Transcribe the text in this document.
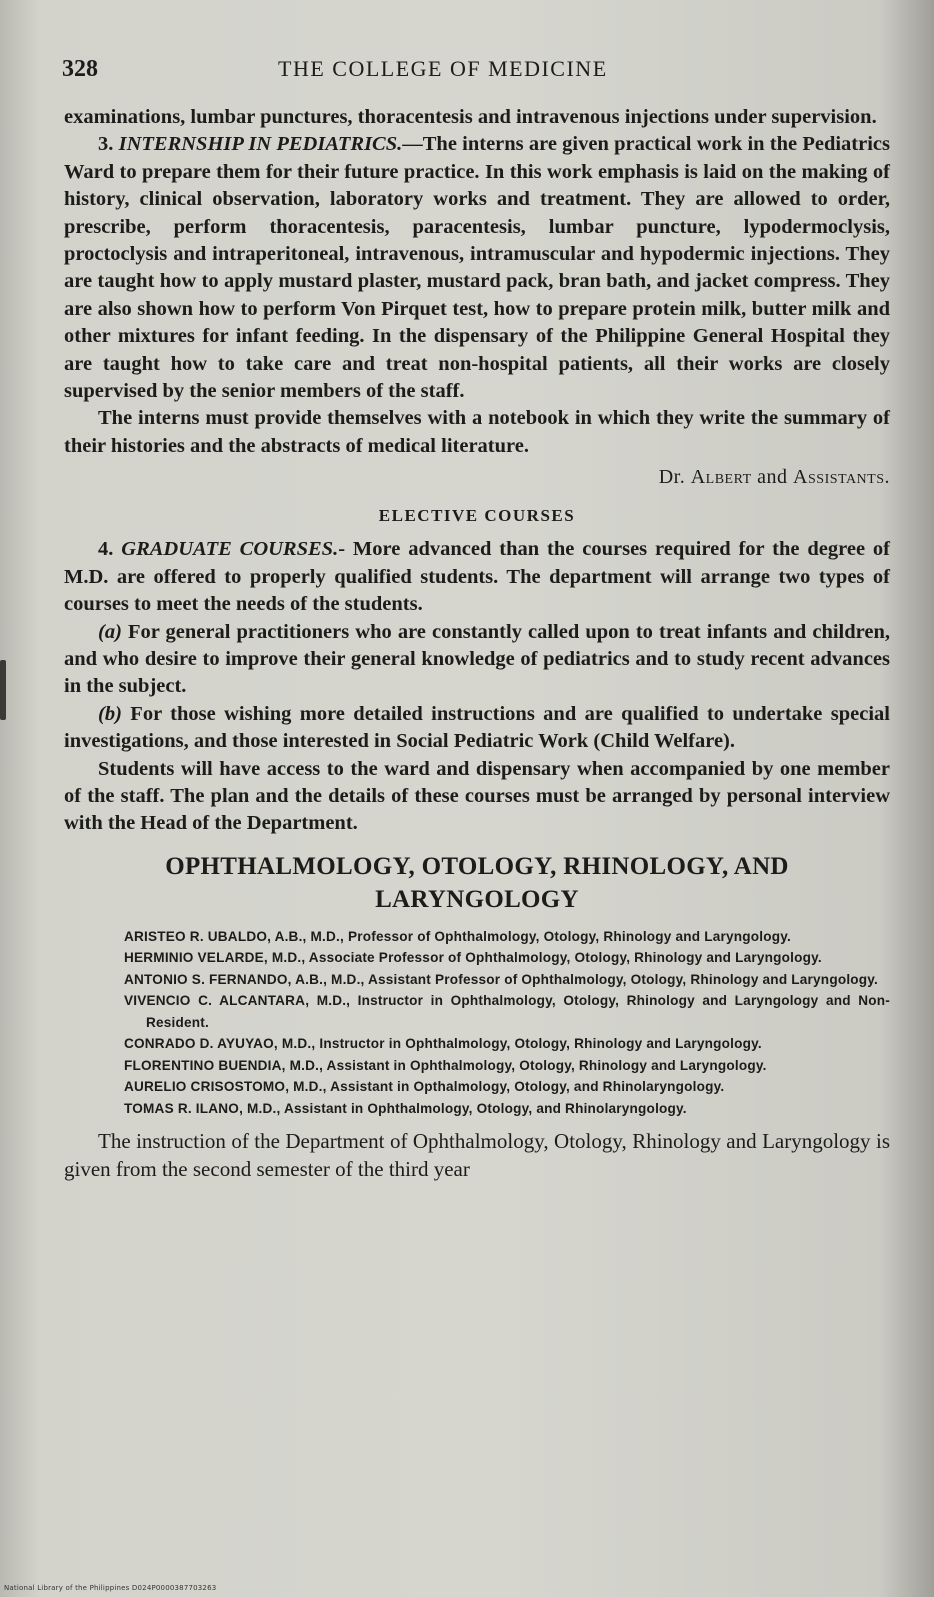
328	THE COLLEGE OF MEDICINE

examinations, lumbar punctures, thoracentesis and intravenous injections under supervision.

3. INTERNSHIP IN PEDIATRICS.—The interns are given practical work in the Pediatrics Ward to prepare them for their future practice. In this work emphasis is laid on the making of history, clinical observation, laboratory works and treatment. They are allowed to order, prescribe, perform thoracentesis, paracentesis, lumbar puncture, lypodermoclysis, proctoclysis and intraperitoneal, intravenous, intramuscular and hypodermic injections. They are taught how to apply mustard plaster, mustard pack, bran bath, and jacket compress. They are also shown how to perform Von Pirquet test, how to prepare protein milk, butter milk and other mixtures for infant feeding. In the dispensary of the Philippine General Hospital they are taught how to take care and treat non-hospital patients, all their works are closely supervised by the senior members of the staff.

The interns must provide themselves with a notebook in which they write the summary of their histories and the abstracts of medical literature.

Dr. Albert and Assistants.
ELECTIVE COURSES

4. GRADUATE COURSES.- More advanced than the courses required for the degree of M.D. are offered to properly qualified students. The department will arrange two types of courses to meet the needs of the students.

(a) For general practitioners who are constantly called upon to treat infants and children, and who desire to improve their general knowledge of pediatrics and to study recent advances in the subject.

(b) For those wishing more detailed instructions and are qualified to undertake special investigations, and those interested in Social Pediatric Work (Child Welfare).

Students will have access to the ward and dispensary when accompanied by one member of the staff. The plan and the details of these courses must be arranged by personal interview with the Head of the Department.

OPHTHALMOLOGY, OTOLOGY, RHINOLOGY, AND
LARYNGOLOGY
ARISTEO R. UBALDO, A.B., M.D., Professor of Ophthalmology, Otology, Rhinology and Laryngology.
HERMINIO VELARDE, M.D., Associate Professor of Ophthalmology, Otology, Rhinology and Laryngology.
ANTONIO S. FERNANDO, A.B., M.D., Assistant Professor of Ophthalmology, Otology, Rhinology and Laryngology.
VIVENCIO C. ALCANTARA, M.D., Instructor in Ophthalmology, Otology, Rhinology and Laryngology and Non-Resident.
CONRADO D. AYUYAO, M.D., Instructor in Ophthalmology, Otology, Rhinology and Laryngology.
FLORENTINO BUENDIA, M.D., Assistant in Ophthalmology, Otology, Rhinology and Laryngology.
AURELIO CRISOSTOMO, M.D., Assistant in Opthalmology, Otology, and Rhinolaryngology.
TOMAS R. ILANO, M.D., Assistant in Ophthalmology, Otology, and Rhinolaryngology.

The instruction of the Department of Ophthalmology, Otology, Rhinology and Laryngology is given from the second semester of the third year

National Library of the Philippines D024P0000387703263
